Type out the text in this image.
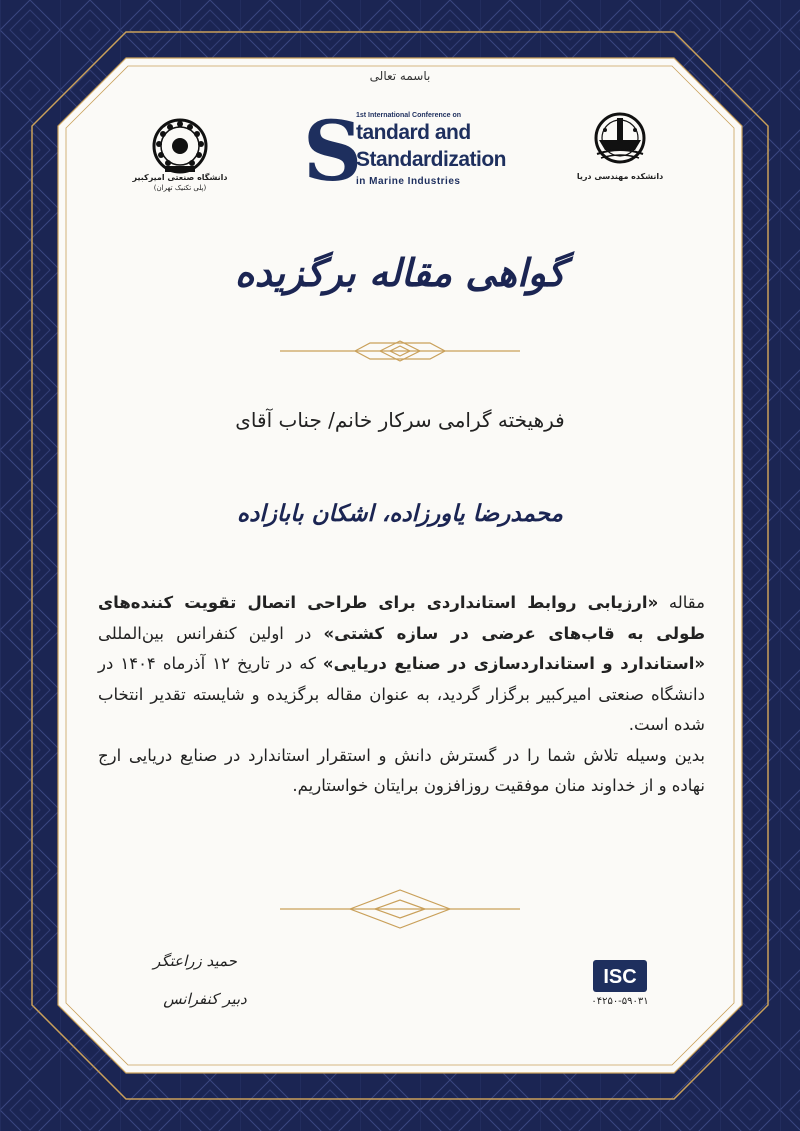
باسمه تعالی
دانشگاه صنعتی امیرکبیر
(پلی تکنیک تهران)
دانشکده مهندسی دریا
S
1st International Conference on
tandard and
Standardization
in Marine Industries
گواهی مقاله برگزیده
فرهیخته گرامی سرکار خانم/ جناب آقای
محمدرضا یاورزاده، اشکان بابازاده
مقاله «ارزیابی روابط استانداردی برای طراحی اتصال تقویت کننده‌های طولی به قاب‌های عرضی در سازه کشتی» در اولین کنفرانس بین‌المللی «استاندارد و استانداردسازی در صنایع دریایی» که در تاریخ ۱۲ آذرماه ۱۴۰۴ در دانشگاه صنعتی امیرکبیر برگزار گردید، به عنوان مقاله برگزیده و شایسته تقدیر انتخاب شده است.
بدین وسیله تلاش شما را در گسترش دانش و استقرار استاندارد در صنایع دریایی ارج نهاده و از خداوند منان موفقیت روزافزون برایتان خواستاریم.
حمید زراعتگر
دبیر کنفرانس
ISC
۰۴۲۵۰-۵۹۰۳۱
